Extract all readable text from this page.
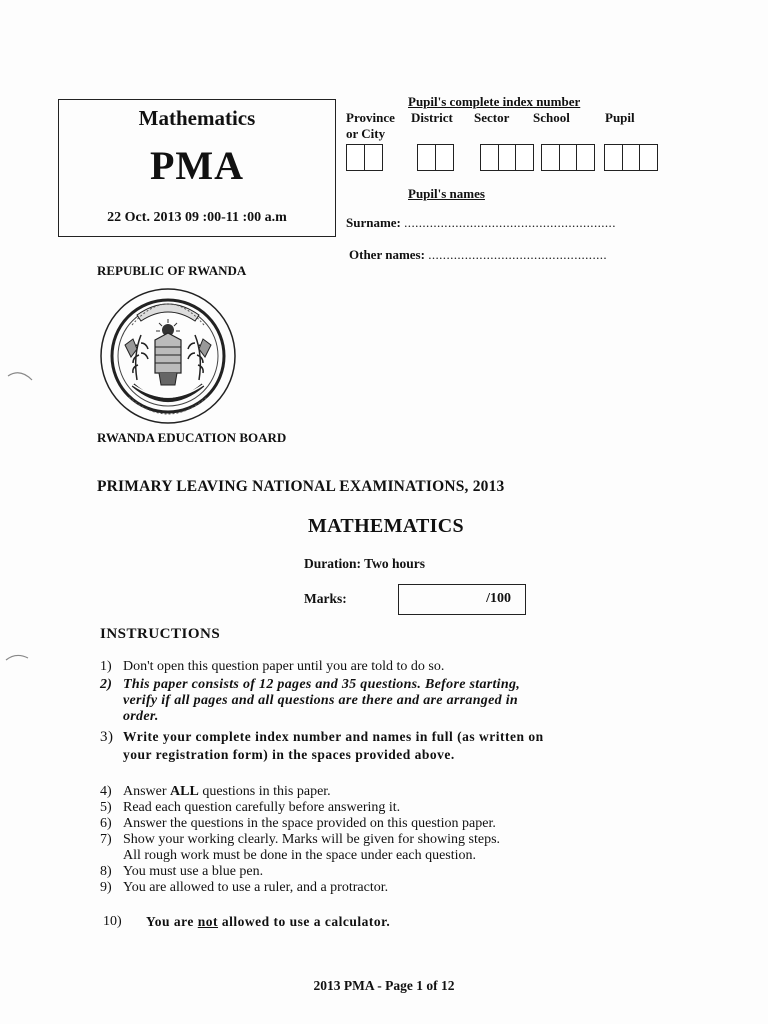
Mathematics
PMA
22 Oct. 2013 09 :00-11 :00 a.m
Pupil's complete index number
Province District Sector School	Pupil
or City
Pupil's names
Surname: ..........................................................
Other names: .................................................
REPUBLIC OF RWANDA
RWANDA EDUCATION BOARD
PRIMARY LEAVING NATIONAL EXAMINATIONS, 2013
MATHEMATICS
Duration: Two hours
Marks:	/100
INSTRUCTIONS
1) Don't open this question paper until you are told to do so.
2) This paper consists of 12 pages and 35 questions. Before starting,
verify if all pages and all questions are there and are arranged in
order.
3) Write your complete index number and names in full (as written on
your registration form) in the spaces provided above.
4) Answer ALL questions in this paper.
5) Read each question carefully before answering it.
6) Answer the questions in the space provided on this question paper.
7) Show your working clearly. Marks will be given for showing steps.
All rough work must be done in the space under each question.
8) You must use a blue pen.
9) You are allowed to use a ruler, and a protractor.
10) You are not allowed to use a calculator.
2013 PMA - Page 1 of 12
